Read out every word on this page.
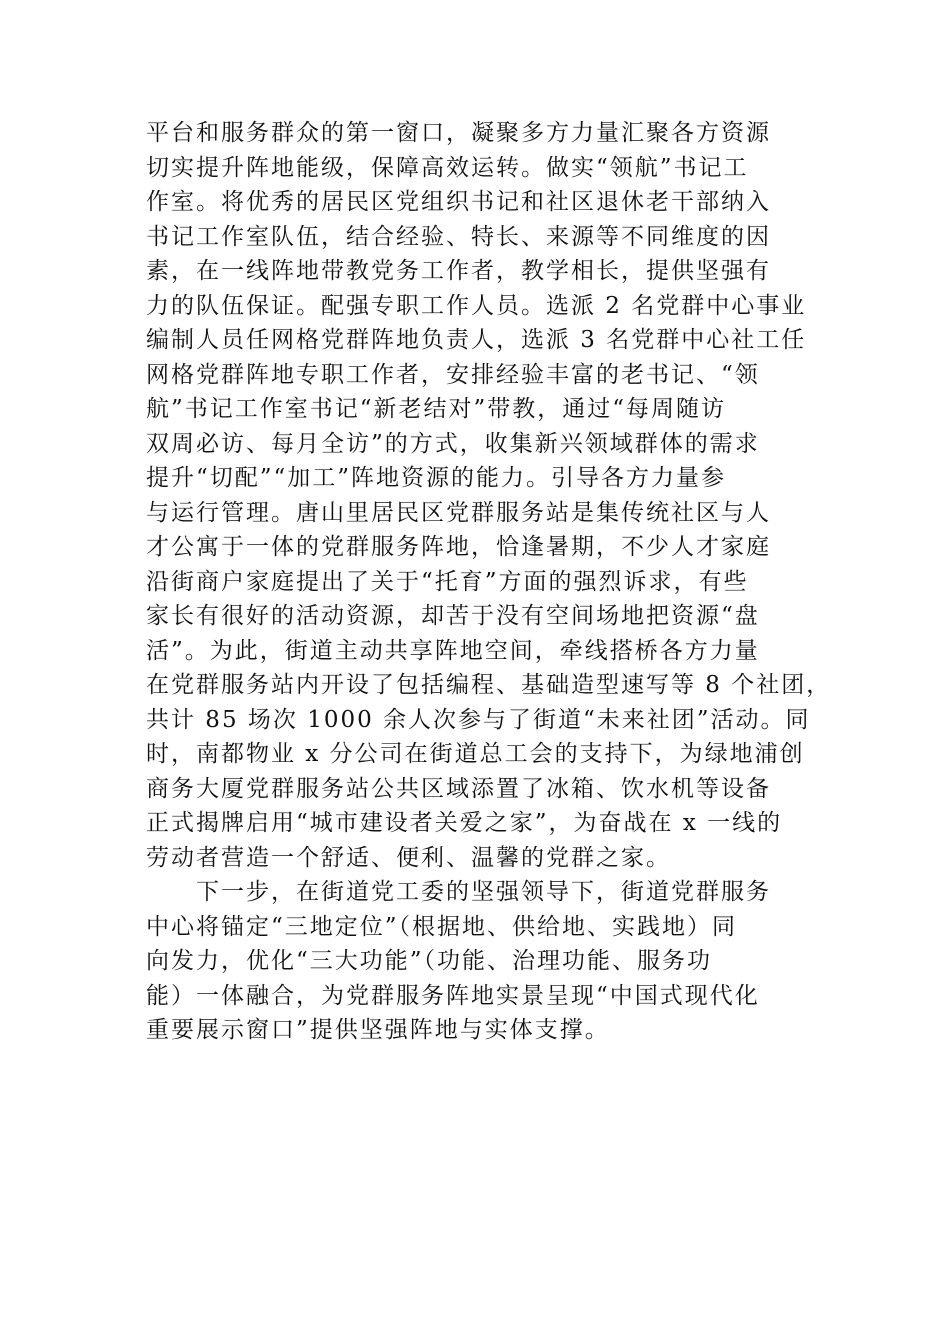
平台和服务群众的第一窗口，凝聚多方力量汇聚各方资源
切实提升阵地能级，保障高效运转。做实“领航”书记工
作室。将优秀的居民区党组织书记和社区退休老干部纳入
书记工作室队伍，结合经验、特长、来源等不同维度的因
素，在一线阵地带教党务工作者，教学相长，提供坚强有
力的队伍保证。配强专职工作人员。选派 2 名党群中心事业
编制人员任网格党群阵地负责人，选派 3 名党群中心社工任
网格党群阵地专职工作者，安排经验丰富的老书记、“领
航”书记工作室书记“新老结对”带教，通过“每周随访
双周必访、每月全访”的方式，收集新兴领域群体的需求
提升“切配”“加工”阵地资源的能力。引导各方力量参
与运行管理。唐山里居民区党群服务站是集传统社区与人
才公寓于一体的党群服务阵地，恰逢暑期，不少人才家庭
沿街商户家庭提出了关于“托育”方面的强烈诉求，有些
家长有很好的活动资源，却苦于没有空间场地把资源“盘
活”。为此，街道主动共享阵地空间，牵线搭桥各方力量
在党群服务站内开设了包括编程、基础造型速写等 8 个社团，
共计 85 场次 1000 余人次参与了街道“未来社团”活动。同
时，南都物业 x 分公司在街道总工会的支持下，为绿地浦创
商务大厦党群服务站公共区域添置了冰箱、饮水机等设备
正式揭牌启用“城市建设者关爱之家”，为奋战在 x 一线的
劳动者营造一个舒适、便利、温馨的党群之家。
下一步，在街道党工委的坚强领导下，街道党群服务
中心将锚定“三地定位”（根据地、供给地、实践地）同
向发力，优化“三大功能”（功能、治理功能、服务功
能）一体融合，为党群服务阵地实景呈现“中国式现代化
重要展示窗口”提供坚强阵地与实体支撑。
